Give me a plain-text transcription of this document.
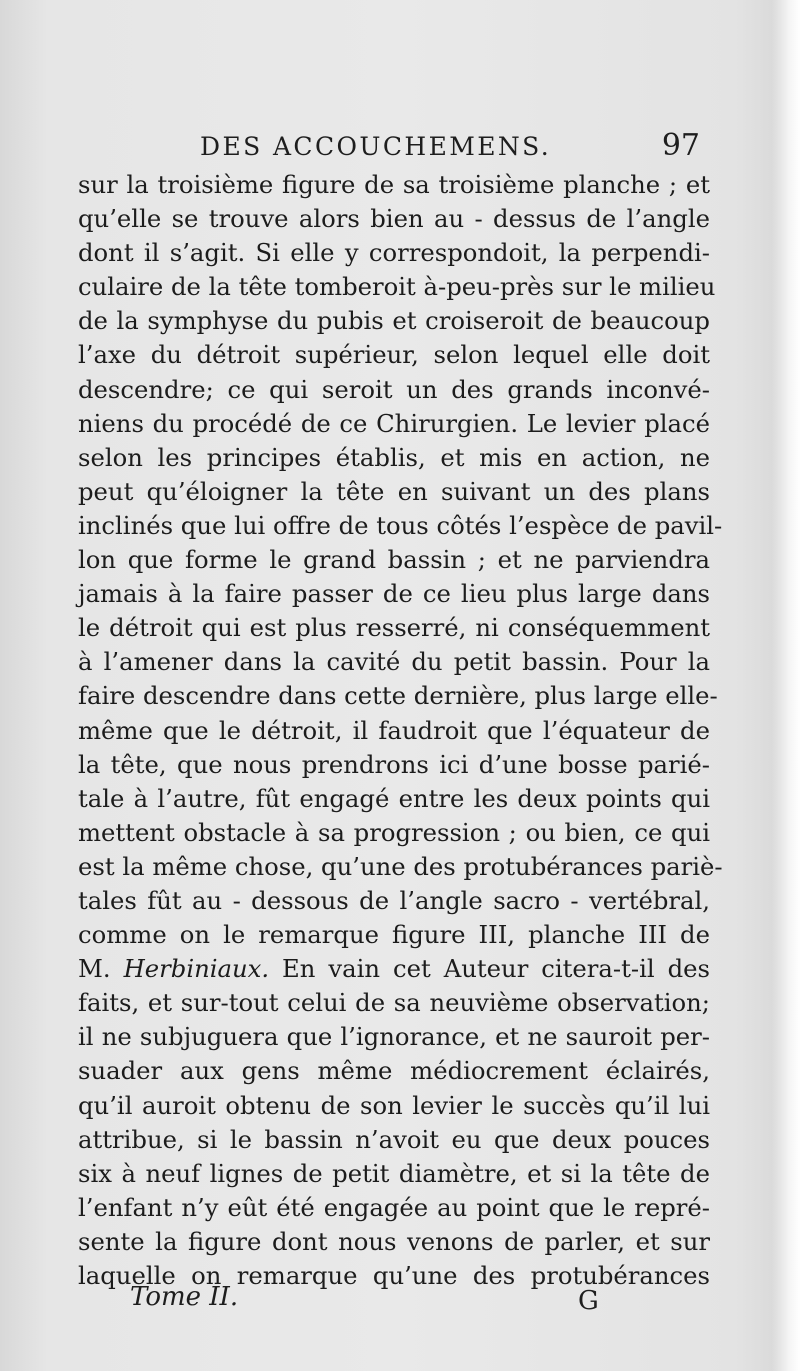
DES ACCOUCHEMENS.	97
sur la troisième figure de sa troisième planche ; et
qu’elle se trouve alors bien au - dessus de l’angle
dont il s’agit. Si elle y correspondoit, la perpendi-
culaire de la tête tomberoit à-peu-près sur le milieu
de la symphyse du pubis et croiseroit de beaucoup
l’axe du détroit supérieur, selon lequel elle doit
descendre; ce qui seroit un des grands inconvé-
niens du procédé de ce Chirurgien. Le levier placé
selon les principes établis, et mis en action, ne
peut qu’éloigner la tête en suivant un des plans
inclinés que lui offre de tous côtés l’espèce de pavil-
lon que forme le grand bassin ; et ne parviendra
jamais à la faire passer de ce lieu plus large dans
le détroit qui est plus resserré, ni conséquemment
à l’amener dans la cavité du petit bassin. Pour la
faire descendre dans cette dernière, plus large elle-
même que le détroit, il faudroit que l’équateur de
la tête, que nous prendrons ici d’une bosse parié-
tale à l’autre, fût engagé entre les deux points qui
mettent obstacle à sa progression ; ou bien, ce qui
est la même chose, qu’une des protubérances pariè-
tales fût au - dessous de l’angle sacro - vertébral,
comme on le remarque figure III, planche III de
M. Herbiniaux. En vain cet Auteur citera-t-il des
faits, et sur-tout celui de sa neuvième observation;
il ne subjuguera que l’ignorance, et ne sauroit per-
suader aux gens même médiocrement éclairés,
qu’il auroit obtenu de son levier le succès qu’il lui
attribue, si le bassin n’avoit eu que deux pouces
six à neuf lignes de petit diamètre, et si la tête de
l’enfant n’y eût été engagée au point que le repré-
sente la figure dont nous venons de parler, et sur
laquelle on remarque qu’une des protubérances
Tome II.	G
